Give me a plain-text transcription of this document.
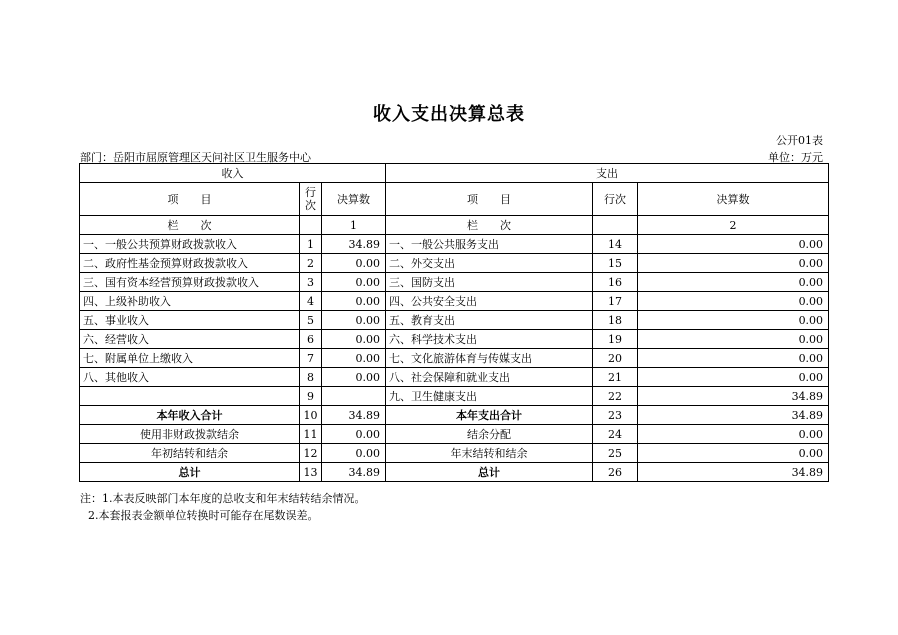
收入支出决算总表
公开01表
部门：岳阳市屈原管理区天问社区卫生服务中心	单位：万元
收入			支出		
项　　目	行次	决算数	项　　目	行次	决算数
栏　　次		1	栏　　次		2
一、一般公共预算财政拨款收入	1	34.89	一、一般公共服务支出	14	0.00
二、政府性基金预算财政拨款收入	2	0.00	二、外交支出	15	0.00
三、国有资本经营预算财政拨款收入	3	0.00	三、国防支出	16	0.00
四、上级补助收入	4	0.00	四、公共安全支出	17	0.00
五、事业收入	5	0.00	五、教育支出	18	0.00
六、经营收入	6	0.00	六、科学技术支出	19	0.00
七、附属单位上缴收入	7	0.00	七、文化旅游体育与传媒支出	20	0.00
八、其他收入	8	0.00	八、社会保障和就业支出	21	0.00
	9		九、卫生健康支出	22	34.89
本年收入合计	10	34.89	本年支出合计	23	34.89
使用非财政拨款结余	11	0.00	结余分配	24	0.00
年初结转和结余	12	0.00	年末结转和结余	25	0.00
总计	13	34.89	总计	26	34.89
注：1.本表反映部门本年度的总收支和年末结转结余情况。
2.本套报表金额单位转换时可能存在尾数误差。
